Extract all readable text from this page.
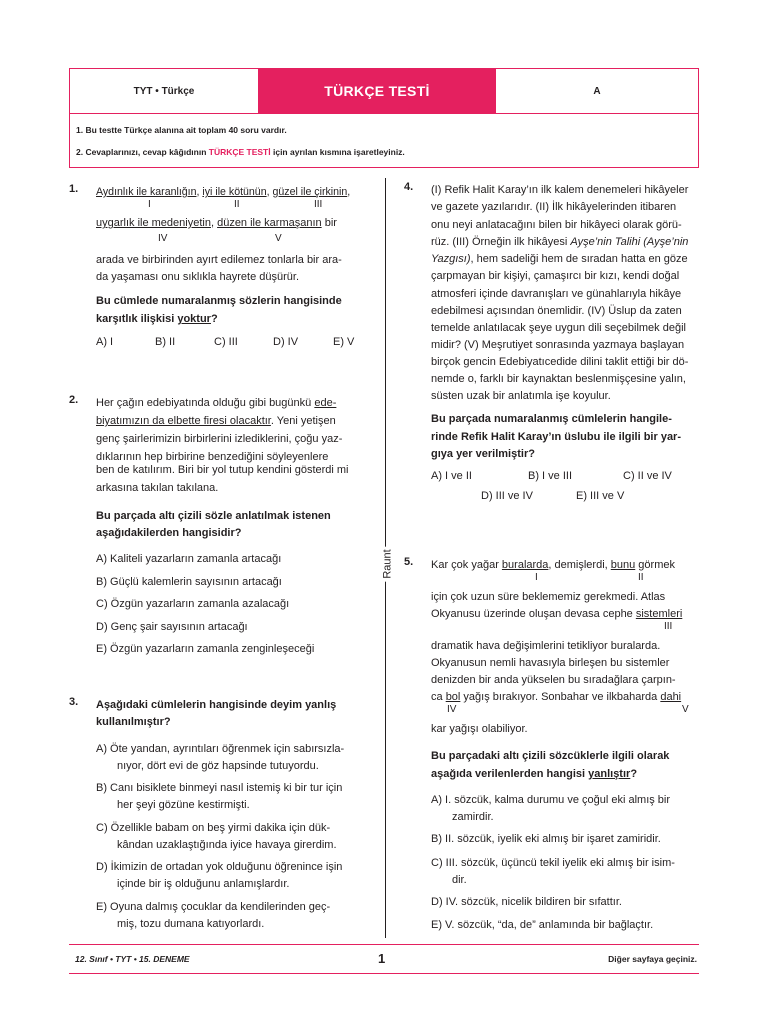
TYT • Türkçe	TÜRKÇE TESTİ	A
1. Bu testte Türkçe alanına ait toplam 40 soru vardır.
2. Cevaplarınızı, cevap kâğıdının TÜRKÇE TESTİ için ayrılan kısmına işaretleyiniz.
Raunt
1. Aydınlık ile karanlığın, iyi ile kötünün, güzel ile çirkinin,
I	II	III
uygarlık ile medeniyetin, düzen ile karmaşanın bir
IV	V
arada ve birbirinden ayırt edilemez tonlarla bir ara-
da yaşaması onu sıklıkla hayrete düşürür.
Bu cümlede numaralanmış sözlerin hangisinde
karşıtlık ilişkisi yoktur?
A) I	B) II	C) III	D) IV	E) V
2. Her çağın edebiyatında olduğu gibi bugünkü ede-
biyatımızın da elbette firesi olacaktır. Yeni yetişen
genç şairlerimizin birbirlerini izlediklerini, çoğu yaz-
dıklarının hep birbirine benzediğini söyleyenlere
ben de katılırım. Biri bir yol tutup kendini gösterdi mi
arkasına takılan takılana.
Bu parçada altı çizili sözle anlatılmak istenen
aşağıdakilerden hangisidir?
A) Kaliteli yazarların zamanla artacağı
B) Güçlü kalemlerin sayısının artacağı
C) Özgün yazarların zamanla azalacağı
D) Genç şair sayısının artacağı
E) Özgün yazarların zamanla zenginleşeceği
3. Aşağıdaki cümlelerin hangisinde deyim yanlış
kullanılmıştır?
A) Öte yandan, ayrıntıları öğrenmek için sabırsızla-
nıyor, dört evi de göz hapsinde tutuyordu.
B) Canı bisiklete binmeyi nasıl istemiş ki bir tur için
her şeyi gözüne kestirmişti.
C) Özellikle babam on beş yirmi dakika için dük-
kândan uzaklaştığında iyice havaya girerdim.
D) İkimizin de ortadan yok olduğunu öğrenince işin
içinde bir iş olduğunu anlamışlardır.
E) Oyuna dalmış çocuklar da kendilerinden geç-
miş, tozu dumana katıyorlardı.
4. (I) Refik Halit Karay’ın ilk kalem denemeleri hikâyeler
ve gazete yazılarıdır. (II) İlk hikâyelerinden itibaren
onu neyi anlatacağını bilen bir hikâyeci olarak görü-
rüz. (III) Örneğin ilk hikâyesi Ayşe’nin Talihi (Ayşe’nin
Yazgısı), hem sadeliği hem de sıradan hatta en göze
çarpmayan bir kişiyi, çamaşırcı bir kızı, kendi doğal
atmosferi içinde davranışları ve günahlarıyla hikâye
edebilmesi açısından önemlidir. (IV) Üslup da zaten
temelde anlatılacak şeye uygun dili seçebilmek değil
midir? (V) Meşrutiyet sonrasında yazmaya başlayan
birçok gencin Edebiyatıcedide dilini taklit ettiği bir dö-
nemde o, farklı bir kaynaktan beslenmişçesine yalın,
süsten uzak bir anlatımla işe koyulur.
Bu parçada numaralanmış cümlelerin hangile-
rinde Refik Halit Karay’ın üslubu ile ilgili bir yar-
gıya yer verilmiştir?
A) I ve II	B) I ve III	C) II ve IV
D) III ve IV	E) III ve V
5. Kar çok yağar buralarda, demişlerdi, bunu görmek
I	II
için çok uzun süre beklememiz gerekmedi. Atlas
Okyanusu üzerinde oluşan devasa cephe sistemleri
III
dramatik hava değişimlerini tetikliyor buralarda.
Okyanusun nemli havasıyla birleşen bu sistemler
denizden bir anda yükselen bu sıradağlara çarpın-
ca bol yağış bırakıyor. Sonbahar ve ilkbaharda dahi
IV	V
kar yağışı olabiliyor.
Bu parçadaki altı çizili sözcüklerle ilgili olarak
aşağıda verilenlerden hangisi yanlıştır?
A) I. sözcük, kalma durumu ve çoğul eki almış bir
zamirdir.
B) II. sözcük, iyelik eki almış bir işaret zamiridir.
C) III. sözcük, üçüncü tekil iyelik eki almış bir isim-
dir.
D) IV. sözcük, nicelik bildiren bir sıfattır.
E) V. sözcük, “da, de” anlamında bir bağlaçtır.
12. Sınıf • TYT • 15. DENEME	1	Diğer sayfaya geçiniz.
